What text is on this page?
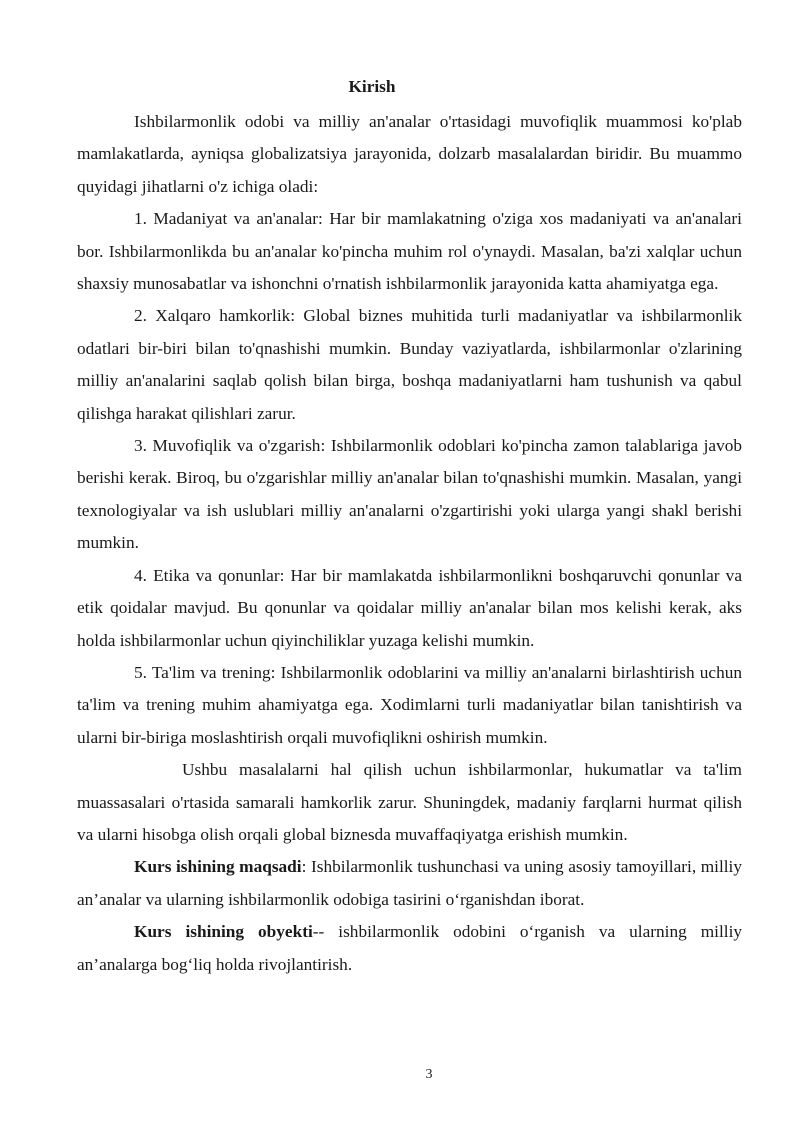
Kirish

Ishbilarmonlik odobi va milliy an'analar o'rtasidagi muvofiqlik muammosi ko'plab mamlakatlarda, ayniqsa globalizatsiya jarayonida, dolzarb masalalardan biridir. Bu muammo quyidagi jihatlarni o'z ichiga oladi:

1. Madaniyat va an'analar: Har bir mamlakatning o'ziga xos madaniyati va an'analari bor. Ishbilarmonlikda bu an'analar ko'pincha muhim rol o'ynaydi. Masalan, ba'zi xalqlar uchun shaxsiy munosabatlar va ishonchni o'rnatish ishbilarmonlik jarayonida katta ahamiyatga ega.

2. Xalqaro hamkorlik: Global biznes muhitida turli madaniyatlar va ishbilarmonlik odatlari bir-biri bilan to'qnashishi mumkin. Bunday vaziyatlarda, ishbilarmonlar o'zlarining milliy an'analarini saqlab qolish bilan birga, boshqa madaniyatlarni ham tushunish va qabul qilishga harakat qilishlari zarur.

3. Muvofiqlik va o'zgarish: Ishbilarmonlik odoblari ko'pincha zamon talablariga javob berishi kerak. Biroq, bu o'zgarishlar milliy an'analar bilan to'qnashishi mumkin. Masalan, yangi texnologiyalar va ish uslublari milliy an'analarni o'zgartirishi yoki ularga yangi shakl berishi mumkin.

4. Etika va qonunlar: Har bir mamlakatda ishbilarmonlikni boshqaruvchi qonunlar va etik qoidalar mavjud. Bu qonunlar va qoidalar milliy an'analar bilan mos kelishi kerak, aks holda ishbilarmonlar uchun qiyinchiliklar yuzaga kelishi mumkin.

5. Ta'lim va trening: Ishbilarmonlik odoblarini va milliy an'analarni birlashtirish uchun ta'lim va trening muhim ahamiyatga ega. Xodimlarni turli madaniyatlar bilan tanishtirish va ularni bir-biriga moslashtirish orqali muvofiqlikni oshirish mumkin.

Ushbu masalalarni hal qilish uchun ishbilarmonlar, hukumatlar va ta'lim muassasalari o'rtasida samarali hamkorlik zarur. Shuningdek, madaniy farqlarni hurmat qilish va ularni hisobga olish orqali global biznesda muvaffaqiyatga erishish mumkin.

Kurs ishining maqsadi: Ishbilarmonlik tushunchasi va uning asosiy tamoyillari, milliy an’analar va ularning ishbilarmonlik odobiga tasirini o‘rganishdan iborat.

Kurs ishining obyekti-- ishbilarmonlik odobini o‘rganish va ularning milliy an’analarga bog‘liq holda rivojlantirish.

3
